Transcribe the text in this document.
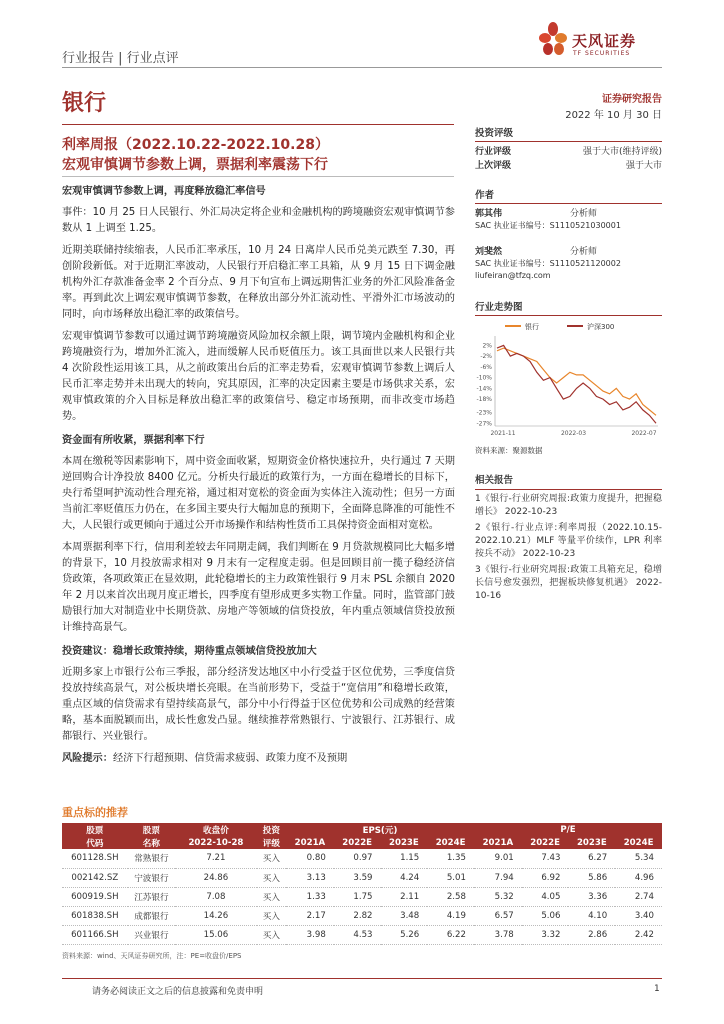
行业报告 | 行业点评
天风证券
TF SECURITIES
银行	证券研究报告
2022 年 10 月 30 日
利率周报（2022.10.22-2022.10.28）
宏观审慎调节参数上调，票据利率震荡下行
宏观审慎调节参数上调，再度释放稳汇率信号

事件：10 月 25 日人民银行、外汇局决定将企业和金融机构的跨境融资宏观审慎调节参数从 1 上调至 1.25。

近期美联储持续缩表，人民币汇率承压，10 月 24 日离岸人民币兑美元跌至 7.30，再创阶段新低。对于近期汇率波动，人民银行开启稳汇率工具箱，从 9 月 15 日下调金融机构外汇存款准备金率 2 个百分点、9 月下旬宣布上调远期售汇业务的外汇风险准备金率。再到此次上调宏观审慎调节参数，在释放出部分外汇流动性、平滑外汇市场波动的同时，向市场释放出稳汇率的政策信号。

宏观审慎调节参数可以通过调节跨境融资风险加权余额上限，调节境内金融机构和企业跨境融资行为，增加外汇流入，进而缓解人民币贬值压力。该工具面世以来人民银行共 4 次阶段性运用该工具，从之前政策出台后的汇率走势看，宏观审慎调节参数上调后人民币汇率走势并未出现大的转向，究其原因，汇率的决定因素主要是市场供求关系，宏观审慎政策的介入目标是释放出稳汇率的政策信号、稳定市场预期，而非改变市场趋势。

资金面有所收紧，票据利率下行

本周在缴税等因素影响下，周中资金面收紧，短期资金价格快速拉升，央行通过 7 天期逆回购合计净投放 8400 亿元。分析央行最近的政策行为，一方面在稳增长的目标下，央行希望呵护流动性合理充裕，通过相对宽松的资金面为实体注入流动性；但另一方面当前汇率贬值压力仍在，在多国主要央行大幅加息的预期下，全面降息降准的可能性不大，人民银行或更倾向于通过公开市场操作和结构性货币工具保持资金面相对宽松。

本周票据利率下行，信用利差较去年同期走阔，我们判断在 9 月贷款规模同比大幅多增的背景下，10 月投放需求相对 9 月末有一定程度走弱。但是回顾目前一揽子稳经济信贷政策，各项政策正在显效期，此轮稳增长的主力政策性银行 9 月末 PSL 余额自 2020 年 2 月以来首次出现月度正增长，四季度有望形成更多实物工作量。同时，监管部门鼓励银行加大对制造业中长期贷款、房地产等领域的信贷投放，年内重点领域信贷投放预计维持高景气。

投资建议：稳增长政策持续，期待重点领域信贷投放加大

近期多家上市银行公布三季报，部分经济发达地区中小行受益于区位优势，三季度信贷投放持续高景气，对公板块增长亮眼。在当前形势下，受益于“宽信用”和稳增长政策，重点区域的信贷需求有望持续高景气，部分中小行得益于区位优势和公司成熟的经营策略，基本面脱颖而出，成长性愈发凸显。继续推荐常熟银行、宁波银行、江苏银行、成都银行、兴业银行。

风险提示：经济下行超预期、信贷需求疲弱、政策力度不及预期
投资评级
行业评级	强于大市(维持评级)
上次评级	强于大市
作者
郭其伟	分析师
SAC 执业证书编号：S1110521030001
刘斐然	分析师
SAC 执业证书编号：S1110521120002
liufeiran@tfzq.com
行业走势图
银行	沪深300
2%
-2%
-6%
-10%
-14%
-18%
-23%
-27%
2021-11	2022-03	2022-07
资料来源：聚源数据
相关报告
1《银行-行业研究周报:政策力度提升，把握稳增长》 2022-10-23
2《银行-行业点评:利率周报（2022.10.15-2022.10.21）MLF 等量平价续作，LPR 利率按兵不动》 2022-10-23
3《银行-行业研究周报:政策工具箱充足，稳增长信号愈发强烈，把握板块修复机遇》 2022-10-16
重点标的推荐
股票	股票	收盘价	投资	EPS(元)				P/E			
代码	名称	2022-10-28	评级	2021A	2022E	2023E	2024E	2021A	2022E	2023E	2024E
601128.SH	常熟银行	7.21	买入	0.80	0.97	1.15	1.35	9.01	7.43	6.27	5.34
002142.SZ	宁波银行	24.86	买入	3.13	3.59	4.24	5.01	7.94	6.92	5.86	4.96
600919.SH	江苏银行	7.08	买入	1.33	1.75	2.11	2.58	5.32	4.05	3.36	2.74
601838.SH	成都银行	14.26	买入	2.17	2.82	3.48	4.19	6.57	5.06	4.10	3.40
601166.SH	兴业银行	15.06	买入	3.98	4.53	5.26	6.22	3.78	3.32	2.86	2.42
资料来源：wind、天风证券研究所，注：PE=收盘价/EPS
请务必阅读正文之后的信息披露和免责申明	1
